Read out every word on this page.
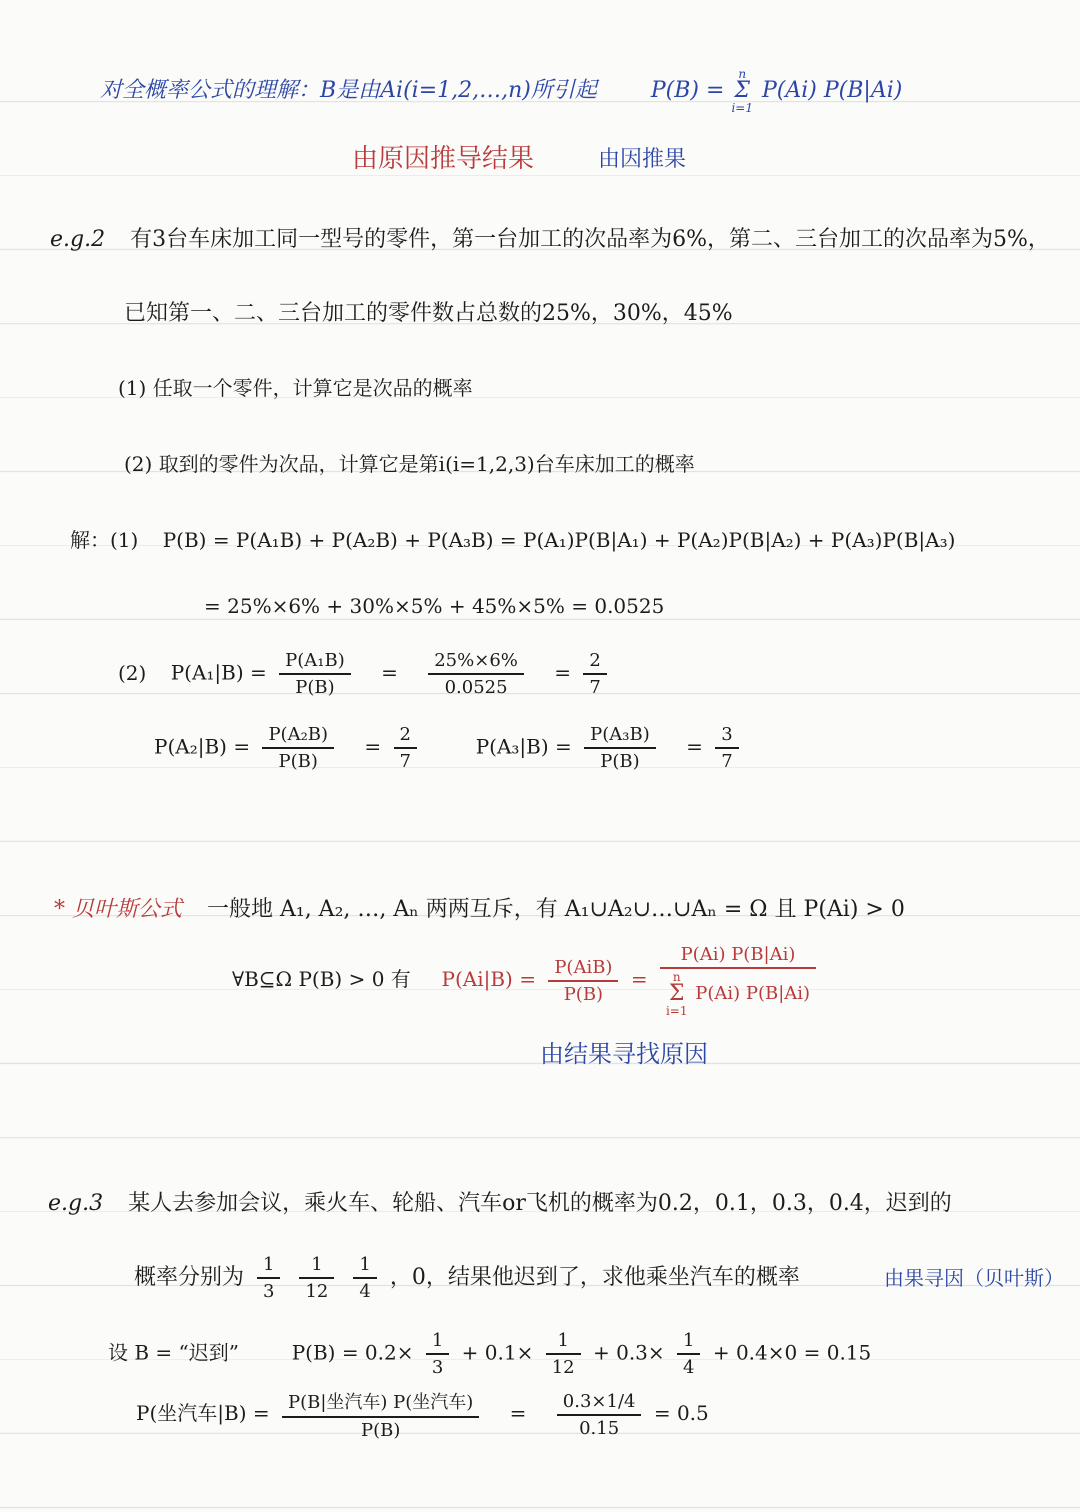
对全概率公式的理解：B是由Ai(i=1,2,…,n)所引起 P(B) = n
Σ
i=1 P(Ai) P(B|Ai)
由原因推导结果	由因推果
e.g.2 有3台车床加工同一型号的零件，第一台加工的次品率为6%，第二、三台加工的次品率为5%，
已知第一、二、三台加工的零件数占总数的25%，30%，45%
(1) 任取一个零件，计算它是次品的概率
(2) 取到的零件为次品，计算它是第i(i=1,2,3)台车床加工的概率
解：(1) P(B) = P(A₁B) + P(A₂B) + P(A₃B) = P(A₁)P(B|A₁) + P(A₂)P(B|A₂) + P(A₃)P(B|A₃)
= 25%×6% + 30%×5% + 45%×5% = 0.0525
(2) $P(A_1|B) = \frac{\text{P(A₁B)}}{P(B)} = \frac{25\%\times 6\%}{0.0525} = \frac{2}{7}$
$P(A_2|B) = \frac{\text{P(A₂B)}}{P(B)} = \frac{2}{7}$	$P(A_3|B) = \frac{\text{P(A₃B)}}{P(B)} = \frac{3}{7}$
* 贝叶斯公式 一般地 A₁, A₂, …, Aₙ 两两互斥，有 A₁∪A₂∪…∪Aₙ = Ω 且 P(Ai) > 0
∀B⊆Ω P(B) > 0 有 $P(Ai|B) = \frac{\text{P(AiB)}}{P(B)} = P(Ai)$ P(B|Ai)
n
Σ
i=1 P(Ai) P(B|Ai)
由结果寻找原因
e.g.3 某人去参加会议，乘火车、轮船、汽车or飞机的概率为0.2，0.1，0.3，0.4，迟到的
概率分别为 $\frac{1}{3}$
$\frac{1}{12}$
$\frac{1}{4}$ ，0，结果他迟到了，求他乘坐汽车的概率	由果寻因（贝叶斯）
设 B = “迟到”	$P(B) = 0.2\times \frac{1}{3} + 0.1\times \frac{1}{12} + 0.3\times \frac{1}{4} + 0.4\times 0 = 0.15$
P(坐汽车$|B) = \frac{\text{P(B|坐汽车) P(坐汽车)}}{P(B)} = \frac{0.3\times 1/4}{0.15} = 0.5$
